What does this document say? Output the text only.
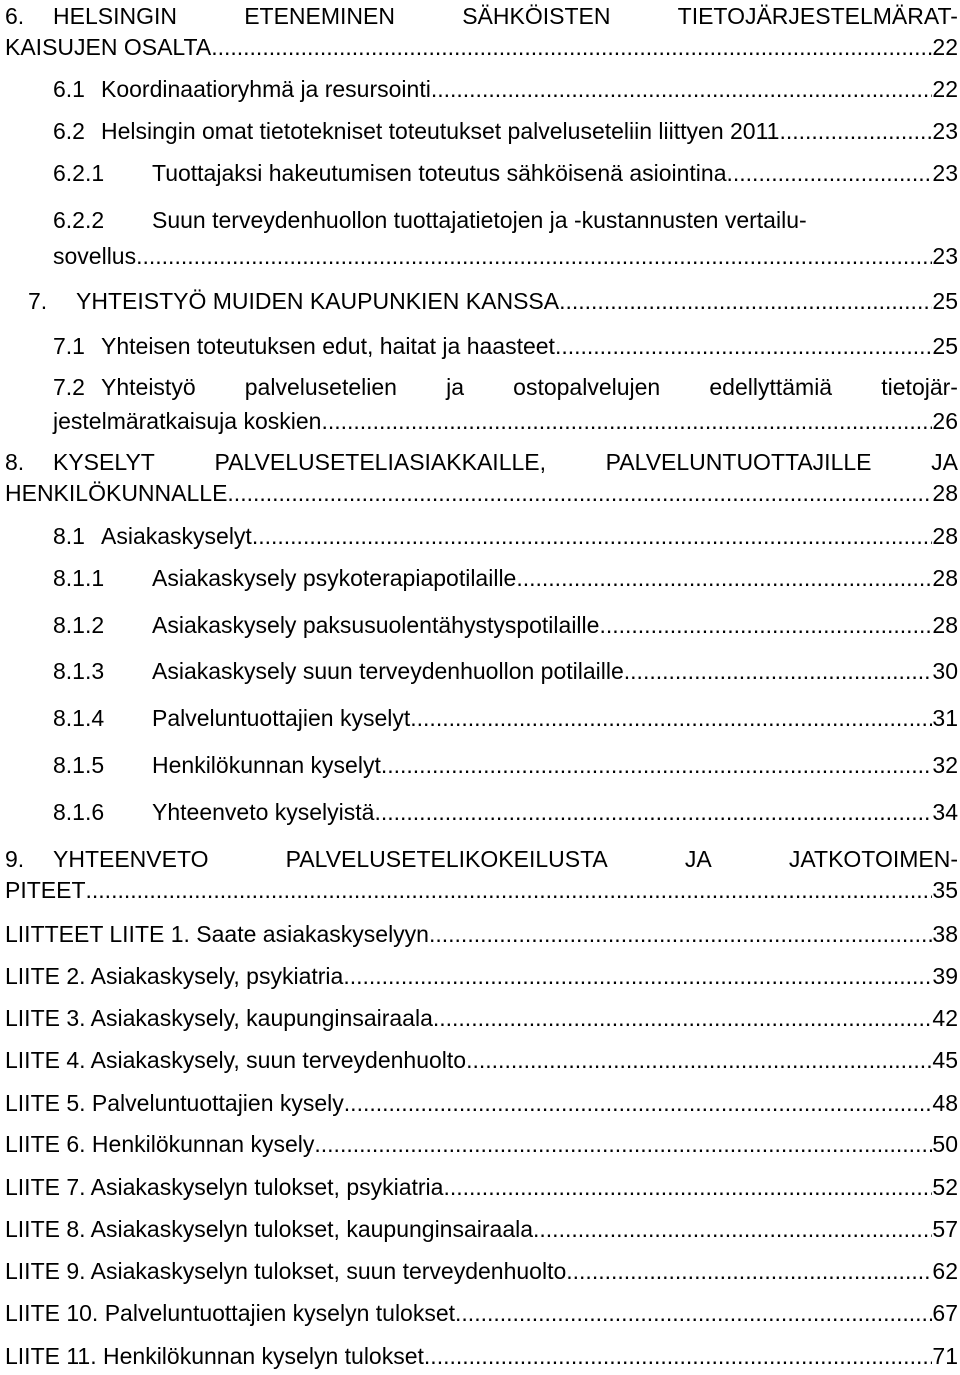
6. HELSINGIN	ETENEMINEN	SÄHKÖISTEN	TIETOJÄRJESTELMÄRAT-
KAISUJEN OSALTA .....	22
6.1 Koordinaatioryhmä ja resursointi .....	22
6.2 Helsingin omat tietotekniset toteutukset palveluseteliin liittyen 2011 .....	23
6.2.1 Tuottajaksi hakeutumisen toteutus sähköisenä asiointina .....	23
6.2.2 Suun terveydenhuollon tuottajatietojen ja -kustannusten vertailu-
sovellus .....	23
7. YHTEISTYÖ MUIDEN KAUPUNKIEN KANSSA .....	25
7.1 Yhteisen toteutuksen edut, haitat ja haasteet .....	25
7.2 Yhteistyö palvelusetelien ja ostopalvelujen edellyttämiä tietojär-
jestelmäratkaisuja koskien .....	26
8. KYSELYT	PALVELUSETELIASIAKKAILLE,	PALVELUNTUOTTAJILLE	JA
HENKILÖKUNNALLE .....	28
8.1 Asiakaskyselyt .....	28
8.1.1 Asiakaskysely psykoterapiapotilaille .....	28
8.1.2 Asiakaskysely paksusuolentähystyspotilaille .....	28
8.1.3 Asiakaskysely suun terveydenhuollon potilaille .....	30
8.1.4 Palveluntuottajien kyselyt .....	31
8.1.5 Henkilökunnan kyselyt .....	32
8.1.6 Yhteenveto kyselyistä .....	34
9. YHTEENVETO	PALVELUSETELIKOKEILUSTA	JA	JATKOTOIMEN-
PITEET .....	35
LIITTEET LIITE 1. Saate asiakaskyselyyn .....	38
LIITE 2. Asiakaskysely, psykiatria .....	39
LIITE 3. Asiakaskysely, kaupunginsairaala .....	42
LIITE 4. Asiakaskysely, suun terveydenhuolto .....	45
LIITE 5. Palveluntuottajien kysely .....	48
LIITE 6. Henkilökunnan kysely .....	50
LIITE 7. Asiakaskyselyn tulokset, psykiatria .....	52
LIITE 8. Asiakaskyselyn tulokset, kaupunginsairaala .....	57
LIITE 9. Asiakaskyselyn tulokset, suun terveydenhuolto .....	62
LIITE 10. Palveluntuottajien kyselyn tulokset .....	67
LIITE 11. Henkilökunnan kyselyn tulokset .....	71
